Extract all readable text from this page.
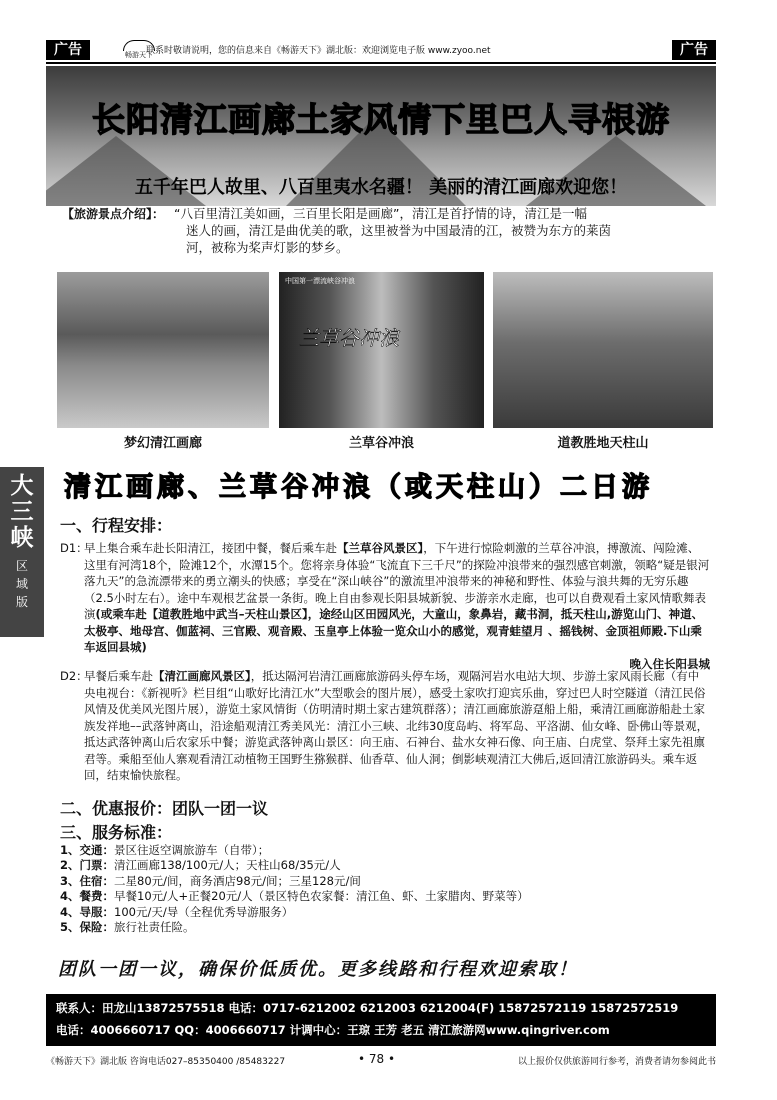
广告	畅游天下
联系时敬请说明，您的信息来自《畅游天下》湖北版：欢迎浏览电子版 www.zyoo.net	广告
长阳清江画廊土家风情下里巴人寻根游
五千年巴人故里、八百里夷水名疆！ 美丽的清江画廊欢迎您！
【旅游景点介绍】： “八百里清江美如画，三百里长阳是画廊”，清江是首抒情的诗，清江是一幅
迷人的画，清江是曲优美的歌，这里被誉为中国最清的江，被赞为东方的莱茵
河，被称为桨声灯影的梦乡。
中国第一漂流峡谷冲浪
兰草谷冲浪
梦幻清江画廊	兰草谷冲浪	道教胜地天柱山
大
三
峡
区
域
版
清江画廊、兰草谷冲浪（或天柱山）二日游
一、行程安排：
D1：
早上集合乘车赴长阳清江，接团中餐，餐后乘车赴【兰草谷风景区】，下午进行惊险刺激的兰草谷冲浪，搏激流、闯险滩、这里有河湾18个，险滩12个，水潭15个。您将亲身体验“飞流直下三千尺”的探险冲浪带来的强烈感官刺激，领略“疑是银河落九天”的急流漂带来的勇立潮头的快感；享受在“深山峡谷”的激流里冲浪带来的神秘和野性、体验与浪共舞的无穷乐趣（2.5小时左右）。途中车观根艺盆景一条街。晚上自由参观长阳县城新貌、步游亲水走廊，也可以自费观看土家风情歌舞表演(或乘车赴【道教胜地中武当–天柱山景区】，途经山区田园风光，大童山，象鼻岩，藏书洞，抵天柱山,游览山门、神道、太极亭、地母宫、伽蓝祠、三官殿、观音殿、玉皇亭上体验一览众山小的感觉，观青蛙望月 、摇钱树、金顶祖师殿.下山乘车返回县城)
晚入住长阳县城
D2：
早餐后乘车赴【清江画廊风景区】，抵达隔河岩清江画廊旅游码头停车场，观隔河岩水电站大坝、步游土家风雨长廊（有中央电视台：《新视听》栏目组“山歌好比清江水”大型歌会的图片展），感受土家吹打迎宾乐曲，穿过巴人时空隧道（清江民俗风情及优美风光图片展），游览土家风情街（仿明清时期土家古建筑群落）；清江画廊旅游趸船上船，乘清江画廊游船赴土家族发祥地––武落钟离山，沿途船观清江秀美风光：清江小三峡、北纬30度岛屿、将军岛、平洛湖、仙女峰、卧佛山等景观，抵达武落钟离山后农家乐中餐；游览武落钟离山景区：向王庙、石神台、盐水女神石像、向王庙、白虎堂、祭拜土家先祖廪君等。乘船至仙人寨观看清江动植物王国野生猕猴群、仙香草、仙人洞；倒影峡观清江大佛后,返回清江旅游码头。乘车返回，结束愉快旅程。
二、优惠报价：团队一团一议
三、服务标准：
1、交通：景区往返空调旅游车（自带）；
2、门票：清江画廊138/100元/人；天柱山68/35元/人
3、住宿：二星80元/间，商务酒店98元/间；三星128元/间
4、餐费：早餐10元/人+正餐20元/人（景区特色农家餐：清江鱼、虾、土家腊肉、野菜等）
4、导服：100元/天/导（全程优秀导游服务）
5、保险：旅行社责任险。
团队一团一议，确保价低质优。更多线路和行程欢迎索取！
联系人：田龙山13872575518 电话：0717-6212002 6212003 6212004(F) 15872572119 15872572519
电话：4006660717 QQ：4006660717 计调中心：王琼 王芳 老五 清江旅游网www.qingriver.com
《畅游天下》湖北版 咨询电话027–85350400 /85483227	• 78 •	以上报价仅供旅游同行参考，消费者请勿参阅此书
